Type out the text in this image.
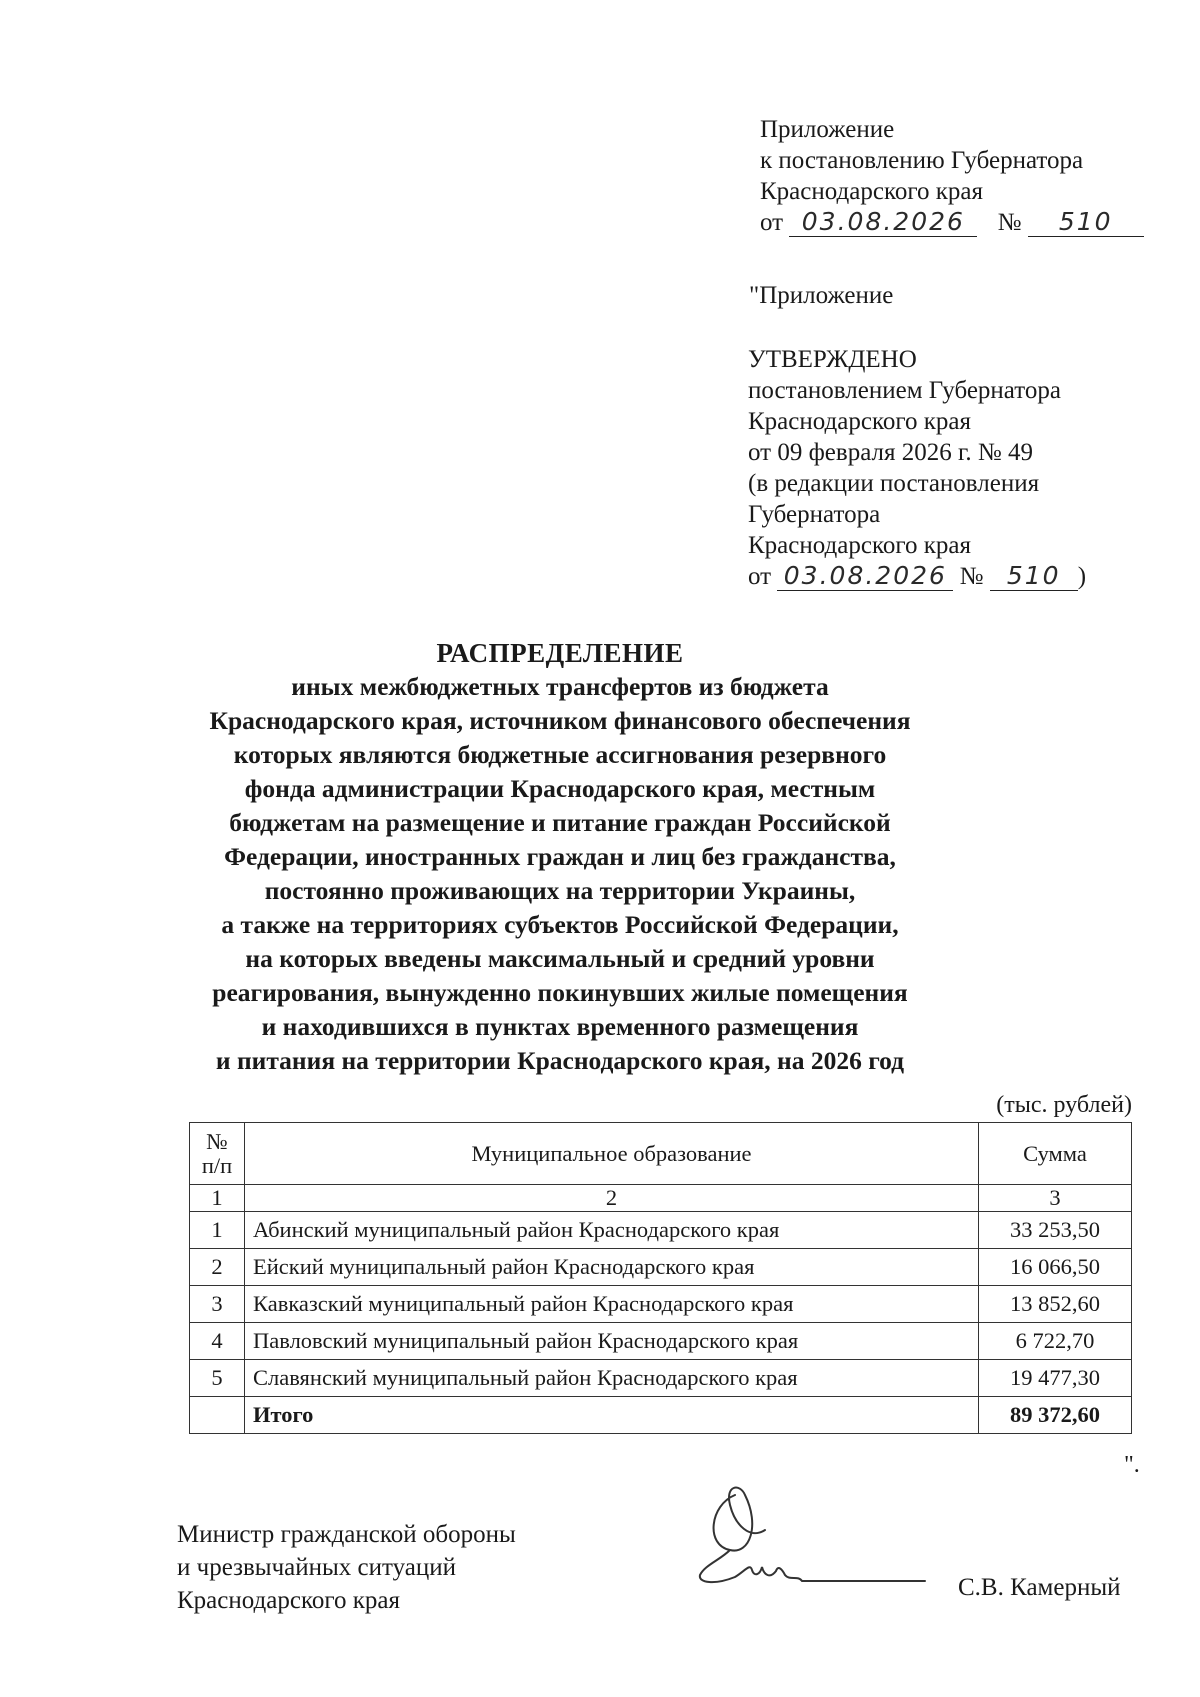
Приложение
к постановлению Губернатора
Краснодарского края
от 03.08.2026 № 510
"Приложение
УТВЕРЖДЕНО
постановлением Губернатора
Краснодарского края
от 09 февраля 2026 г. № 49
(в редакции постановления
Губернатора
Краснодарского края
от 03.08.2026 № 510 )
РАСПРЕДЕЛЕНИЕ
иных межбюджетных трансфертов из бюджета
Краснодарского края, источником финансового обеспечения
которых являются бюджетные ассигнования резервного
фонда администрации Краснодарского края, местным
бюджетам на размещение и питание граждан Российской
Федерации, иностранных граждан и лиц без гражданства,
постоянно проживающих на территории Украины,
а также на территориях субъектов Российской Федерации,
на которых введены максимальный и средний уровни
реагирования, вынужденно покинувших жилые помещения
и находившихся в пунктах временного размещения
и питания на территории Краснодарского края, на 2026 год
(тыс. рублей)
№
п/п	Муниципальное образование	Сумма
1	2	3
1	Абинский муниципальный район Краснодарского края	33 253,50
2	Ейский муниципальный район Краснодарского края	16 066,50
3	Кавказский муниципальный район Краснодарского края	13 852,60
4	Павловский муниципальный район Краснодарского края	6 722,70
5	Славянский муниципальный район Краснодарского края	19 477,30
	Итого	89 372,60
".
Министр гражданской обороны
и чрезвычайных ситуаций
Краснодарского края	С.В. Камерный
